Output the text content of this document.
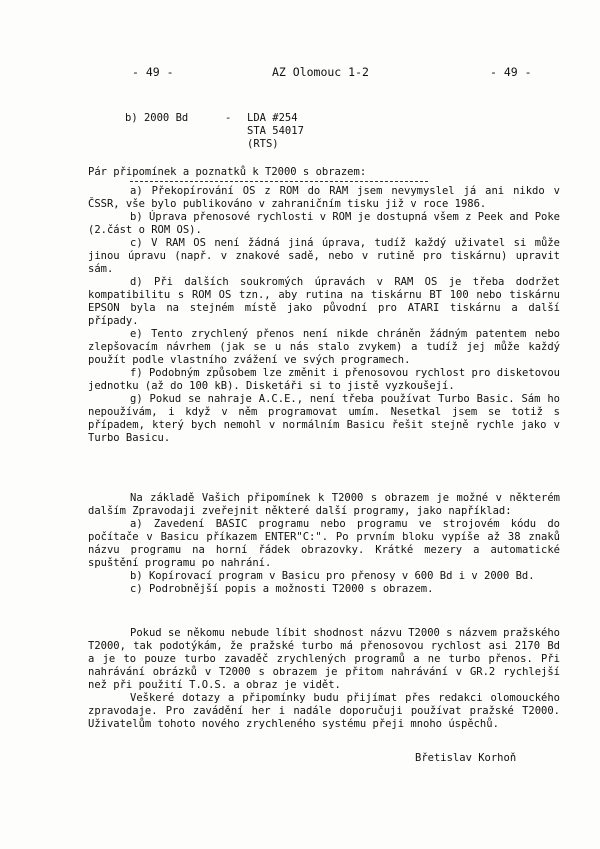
- 49 -	AZ Olomouc 1-2	- 49 -
b) 2000 Bd	-	LDA #254
STA 54017
(RTS)

Pár připomínek a poznatků k T2000 s obrazem:

a) Překopírování OS z ROM do RAM jsem nevymyslel já ani nikdo v ČSSR, vše bylo publikováno v zahraničním tisku již v roce 1986.

b) Úprava přenosové rychlosti v ROM je dostupná všem z Peek and Poke (2.část o ROM OS).

c) V RAM OS není žádná jiná úprava, tudíž každý uživatel si může jinou úpravu (např. v znakové sadě, nebo v rutině pro tiskárnu) upravit sám.

d) Při dalších soukromých úpravách v RAM OS je třeba dodržet kompatibilitu s ROM OS tzn., aby rutina na tiskárnu BT 100 nebo tiskárnu EPSON byla na stejném místě jako původní pro ATARI tiskárnu a další případy.

e) Tento zrychlený přenos není nikde chráněn žádným patentem nebo zlepšovacím návrhem (jak se u nás stalo zvykem) a tudíž jej může každý použít podle vlastního zvážení ve svých programech.

f) Podobným způsobem lze změnit i přenosovou rychlost pro disketovou jednotku (až do 100 kB). Disketáři si to jistě vyzkoušejí.

g) Pokud se nahraje A.C.E., není třeba používat Turbo Basic. Sám ho nepoužívám, i když v něm programovat umím. Nesetkal jsem se totiž s případem, který bych nemohl v normálním Basicu řešit stejně rychle jako v Turbo Basicu.

Na základě Vašich připomínek k T2000 s obrazem je možné v některém dalším Zpravodaji zveřejnit některé další programy, jako například:

a) Zavedení BASIC programu nebo programu ve strojovém kódu do počítače v Basicu příkazem ENTER"C:". Po prvním bloku vypíše až 38 znaků názvu programu na horní řádek obrazovky. Krátké mezery a automatické spuštění programu po nahrání.

b) Kopírovací program v Basicu pro přenosy v 600 Bd i v 2000 Bd.

c) Podrobnější popis a možnosti T2000 s obrazem.

Pokud se někomu nebude líbit shodnost názvu T2000 s názvem pražského T2000, tak podotýkám, že pražské turbo má přenosovou rychlost asi 2170 Bd a je to pouze turbo zavaděč zrychlených programů a ne turbo přenos. Při nahrávání obrázků v T2000 s obrazem je přitom nahrávání v GR.2 rychlejší než při použití T.O.S. a obraz je vidět.

Veškeré dotazy a připomínky budu přijímat přes redakci olomouckého zpravodaje. Pro zavádění her i nadále doporučuji používat pražské T2000. Uživatelům tohoto nového zrychleného systému přeji mnoho úspěchů.

Břetislav Korhoň
